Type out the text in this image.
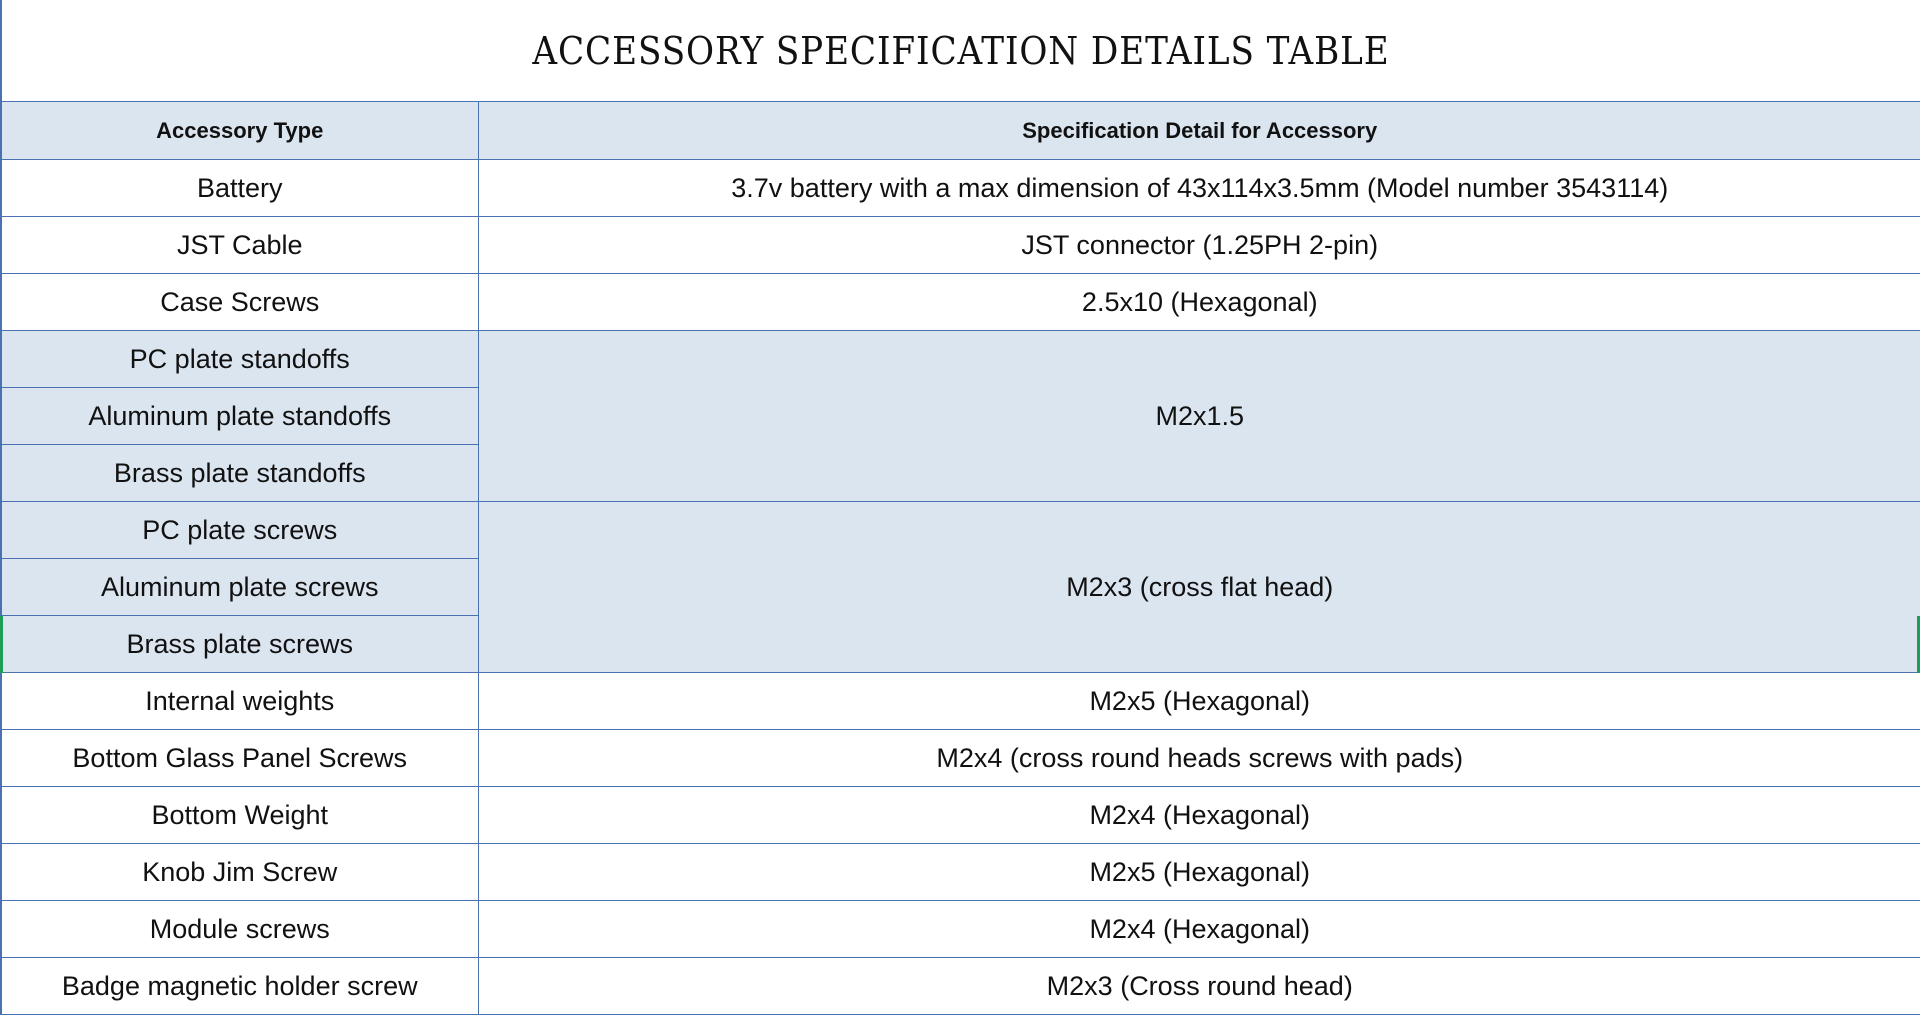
ACCESSORY SPECIFICATION DETAILS TABLE
Accessory Type	Specification Detail for Accessory
Battery	3.7v battery with a max dimension of 43x114x3.5mm (Model number 3543114)
JST Cable	JST connector (1.25PH 2-pin)
Case Screws	2.5x10 (Hexagonal)
PC plate standoffs	M2x1.5
Aluminum plate standoffs	
Brass plate standoffs	
PC plate screws	M2x3 (cross flat head)
Aluminum plate screws	
Brass plate screws	
Internal weights	M2x5 (Hexagonal)
Bottom Glass Panel Screws	M2x4 (cross round heads screws with pads)
Bottom Weight	M2x4 (Hexagonal)
Knob Jim Screw	M2x5 (Hexagonal)
Module screws	M2x4 (Hexagonal)
Badge magnetic holder screw	M2x3 (Cross round head)
